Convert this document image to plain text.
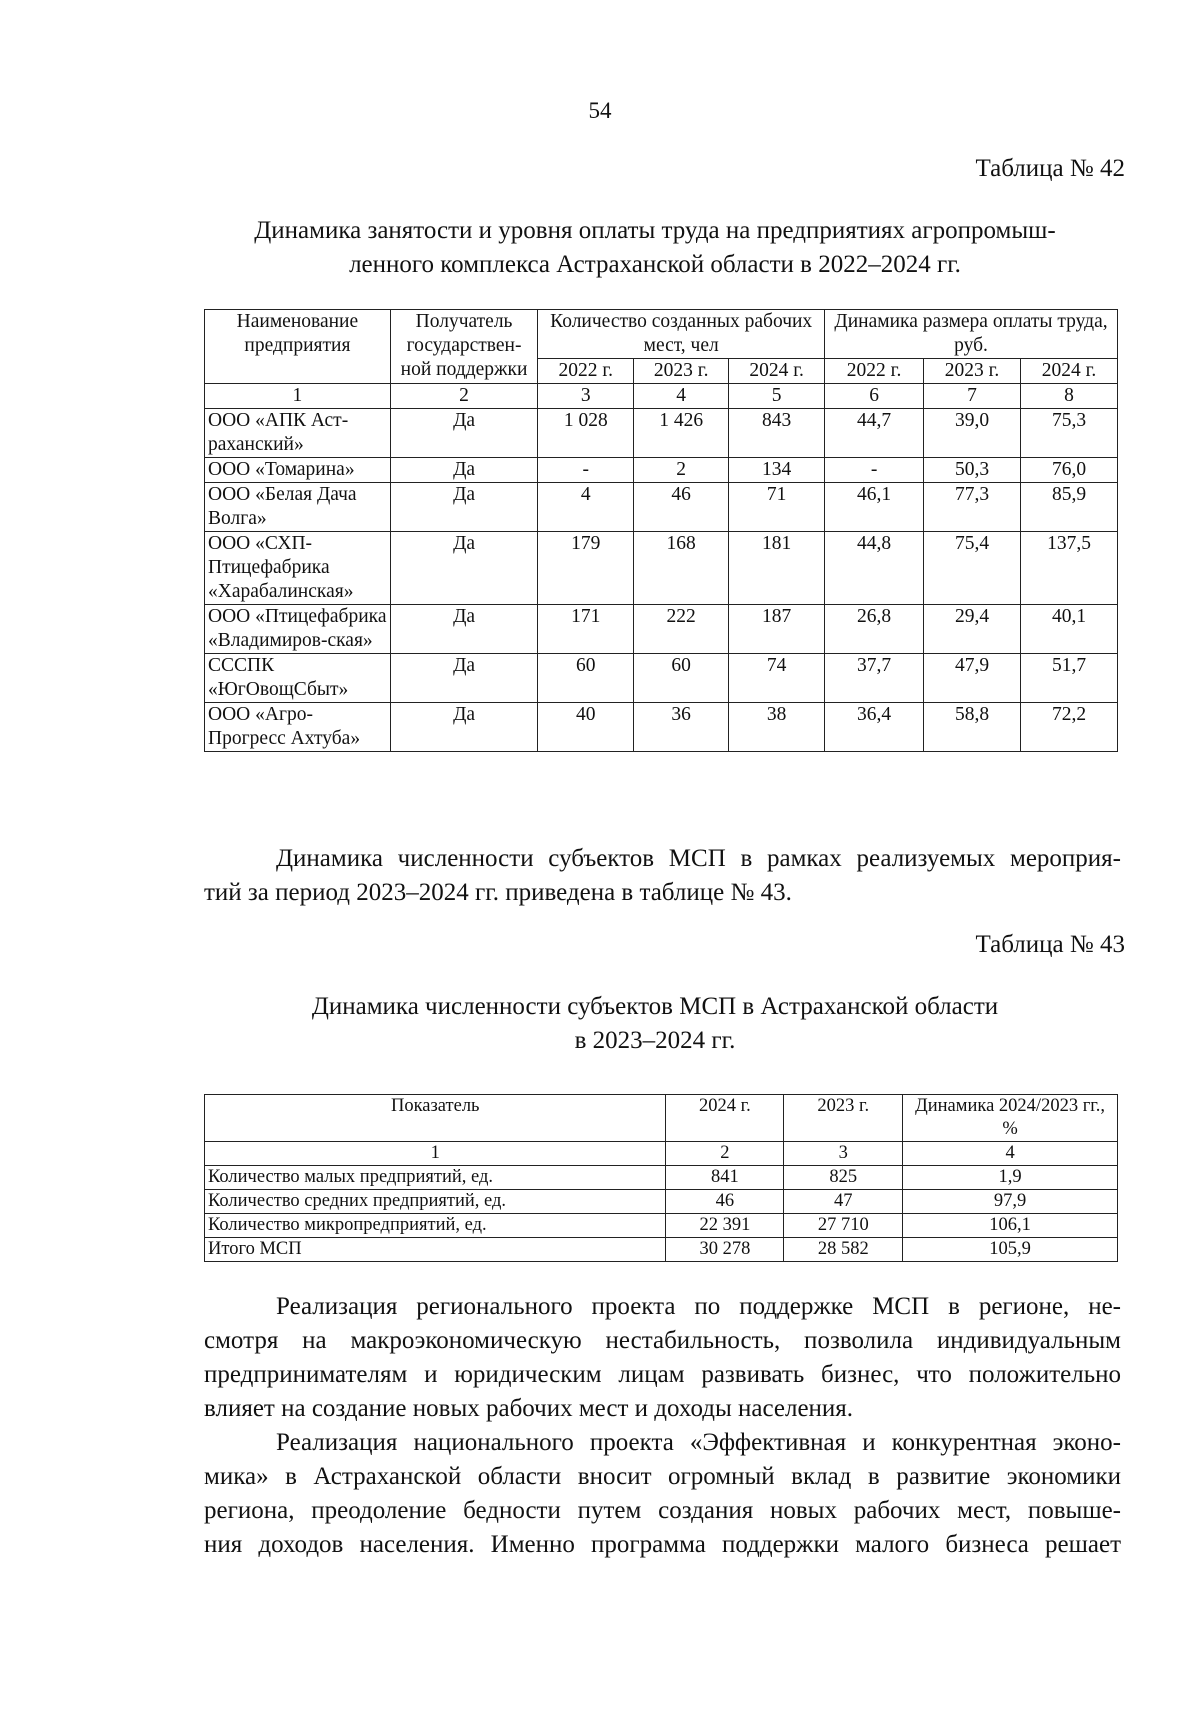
54
Таблица № 42
Динамика занятости и уровня оплаты труда на предприятиях агропромыш-
ленного комплекса Астраханской области в 2022–2024 гг.
Наименование предприятия	Получатель государствен-ной поддержки	Количество созданных рабочих мест, чел			Динамика размера оплаты труда, руб.		
		2022 г.	2023 г.	2024 г.	2022 г.	2023 г.	2024 г.
1	2	3	4	5	6	7	8
ООО «АПК Аст-раханский»	Да	1 028	1 426	843	44,7	39,0	75,3
ООО «Томарина»	Да	-	2	134	-	50,3	76,0
ООО «Белая Дача Волга»	Да	4	46	71	46,1	77,3	85,9
ООО «СХП-Птицефабрика «Харабалинская»	Да	179	168	181	44,8	75,4	137,5
ООО «Птицефабрика «Владимиров-ская»	Да	171	222	187	26,8	29,4	40,1
СССПК «ЮгОвощСбыт»	Да	60	60	74	37,7	47,9	51,7
ООО «Агро-Прогресс Ахтуба»	Да	40	36	38	36,4	58,8	72,2
Динамика численности субъектов МСП в рамках реализуемых мероприя-
тий за период 2023–2024 гг. приведена в таблице № 43.
Таблица № 43
Динамика численности субъектов МСП в Астраханской области
в 2023–2024 гг.
Показатель	2024 г.	2023 г.	Динамика 2024/2023 гг., %
1	2	3	4
Количество малых предприятий, ед.	841	825	1,9
Количество средних предприятий, ед.	46	47	97,9
Количество микропредприятий, ед.	22 391	27 710	106,1
Итого МСП	30 278	28 582	105,9
Реализация регионального проекта по поддержке МСП в регионе, не-
смотря на макроэкономическую нестабильность, позволила индивидуальным
предпринимателям и юридическим лицам развивать бизнес, что положительно
влияет на создание новых рабочих мест и доходы населения.
Реализация национального проекта «Эффективная и конкурентная эконо-
мика» в Астраханской области вносит огромный вклад в развитие экономики
региона, преодоление бедности путем создания новых рабочих мест, повыше-
ния доходов населения. Именно программа поддержки малого бизнеса решает
